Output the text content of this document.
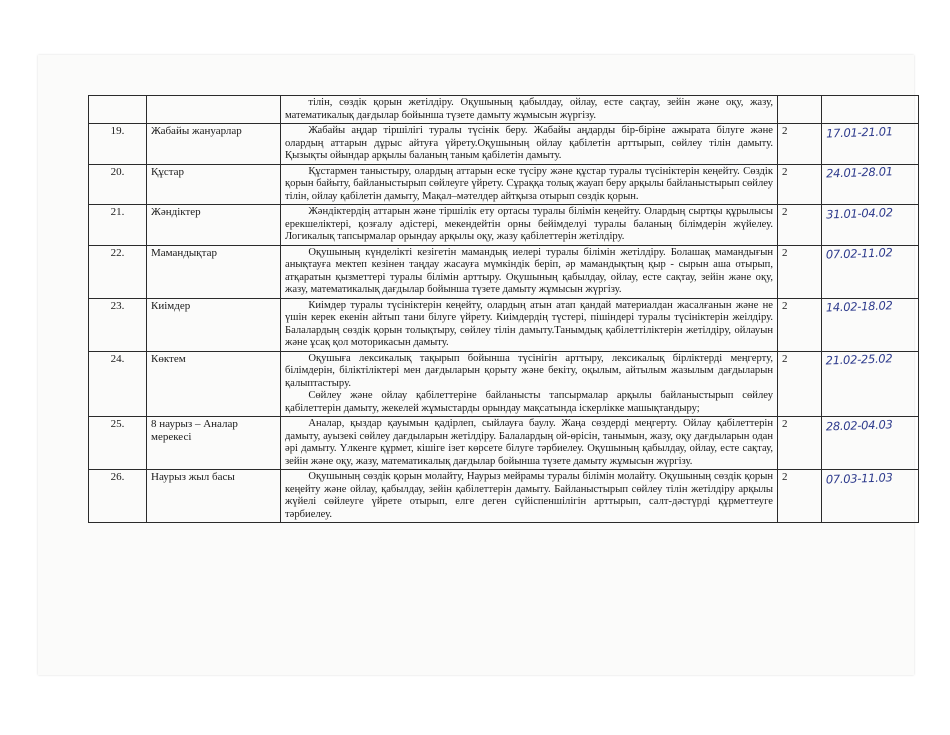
		тілін, сөздік қорын жетілдіру. Оқушының қабылдау, ойлау, есте сақтау, зейін және оқу, жазу, математикалық дағдылар бойынша түзете дамыту жұмысын жүргізу.		

19.	Жабайы жануарлар	Жабайы аңдар тіршілігі туралы түсінік беру. Жабайы аңдарды бір-біріне ажырата білуге және олардың аттарын дұрыс айтуға үйрету.Оқушының ойлау қабілетін арттырып, сөйлеу тілін дамыту. Қызықты ойындар арқылы баланың таным қабілетін дамыту.	2	17.01-21.01
20.	Құстар	Құстармен таныстыру, олардың аттарын еске түсіру және құстар туралы түсініктерін кеңейту. Сөздік қорын байыту, байланыстырып сөйлеуге үйрету. Сұраққа толық жауап беру арқылы байланыстырып сөйлеу тілін, ойлау қабілетін дамыту, Мақал–мәтелдер айтқыза отырып сөздік қорын.	2	24.01-28.01
21.	Жәндіктер	Жәндіктердің аттарын және тіршілік ету ортасы туралы білімін кеңейту. Олардың сыртқы құрылысы ерекшеліктері, қозғалу әдістері, мекендейтін орны бейімделуі туралы баланың білімдерін жүйелеу. Логикалық тапсырмалар орындау арқылы оқу, жазу қабілеттерін жетілдіру.	2	31.01-04.02
22.	Мамандықтар	Оқушының күнделікті кезігетін мамандық иелері туралы білімін жетілдіру. Болашақ мамандығын анықтауға мектеп кезінен таңдау жасауға мүмкіндік беріп, әр мамандықтың қыр - сырын аша отырып, атқаратын қызметтері туралы білімін арттыру. Оқушының қабылдау, ойлау, есте сақтау, зейін және оқу, жазу, математикалық дағдылар бойынша түзете дамыту жұмысын жүргізу.	2	07.02-11.02
23.	Киімдер	Киімдер туралы түсініктерін кеңейту, олардың атын атап қандай материалдан жасалғанын және не үшін керек екенін айтып тани білуге үйрету. Киімдердің түстері, пішіндері туралы түсініктерін жеілдіру. Балалардың сөздік қорын толықтыру, сөйлеу тілін дамыту.Танымдық қабілеттіліктерін жетілдіру, ойлауын және ұсақ қол моторикасын дамыту.	2	14.02-18.02
24.	Көктем	Оқушыға лексикалық тақырып бойынша түсінігін арттыру, лексикалық бірліктерді меңгерту, білімдерін, біліктіліктері мен дағдыларын қорыту және бекіту, оқылым, айтылым жазылым дағдыларын қалыптастыру.
Сөйлеу және ойлау қабілеттеріне байланысты тапсырмалар арқылы байланыстырып сөйлеу қабілеттерін дамыту, жекелей жұмыстарды орындау мақсатында іскерлікке машықтандыру;	2	21.02-25.02
25.	8 наурыз – Аналар мерекесі	Аналар, қыздар қауымын қадірлеп, сыйлауға баулу. Жаңа сөздерді меңгерту. Ойлау қабілеттерін дамыту, ауызекі сөйлеу дағдыларын жетілдіру. Балалардың ой-өрісін, танымын, жазу, оқу дағдыларын одан әрі дамыту. Үлкенге құрмет, кішіге ізет көрсете білуге тәрбиелеу. Оқушының қабылдау, ойлау, есте сақтау, зейін және оқу, жазу, математикалық дағдылар бойынша түзете дамыту жұмысын жүргізу.	2	28.02-04.03
26.	Наурыз жыл басы	Оқушының сөздік қорын молайту, Наурыз мейрамы туралы білімін молайту. Оқушының сөздік қорын кеңейту және ойлау, қабылдау, зейін қабілеттерін дамыту. Байланыстырып сөйлеу тілін жетілдіру арқылы жүйелі сөйлеуге үйрете отырып, елге деген сүйіспеншілігін арттырып, салт-дәстүрді құрметтеуге тәрбиелеу.	2	07.03-11.03
